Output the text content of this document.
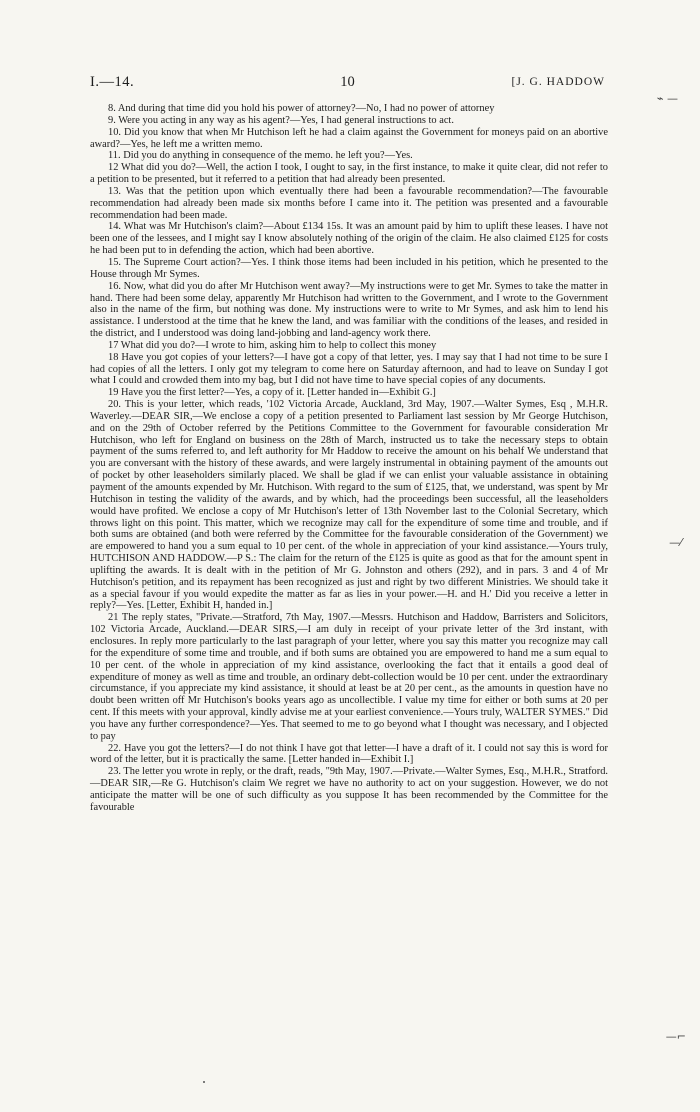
I.—14.	10	[J. G. HADDOW

8. And during that time did you hold his power of attorney?—No, I had no power of attorney

9. Were you acting in any way as his agent?—Yes, I had general instructions to act.

10. Did you know that when Mr Hutchison left he had a claim against the Government for moneys paid on an abortive award?—Yes, he left me a written memo.

11. Did you do anything in consequence of the memo. he left you?—Yes.

12 What did you do?—Well, the action I took, I ought to say, in the first instance, to make it quite clear, did not refer to a petition to be presented, but it referred to a petition that had already been presented.

13. Was that the petition upon which eventually there had been a favourable recommendation?—The favourable recommendation had already been made six months before I came into it. The petition was presented and a favourable recommendation had been made.

14. What was Mr Hutchison's claim?—About £134 15s. It was an amount paid by him to uplift these leases. I have not been one of the lessees, and I might say I know absolutely nothing of the origin of the claim. He also claimed £125 for costs he had been put to in defending the action, which had been abortive.

15. The Supreme Court action?—Yes. I think those items had been included in his petition, which he presented to the House through Mr Symes.

16. Now, what did you do after Mr Hutchison went away?—My instructions were to get Mr. Symes to take the matter in hand. There had been some delay, apparently Mr Hutchison had written to the Government, and I wrote to the Government also in the name of the firm, but nothing was done. My instructions were to write to Mr Symes, and ask him to lend his assistance. I understood at the time that he knew the land, and was familiar with the conditions of the leases, and resided in the district, and I understood was doing land-jobbing and land-agency work there.

17 What did you do?—I wrote to him, asking him to help to collect this money

18 Have you got copies of your letters?—I have got a copy of that letter, yes. I may say that I had not time to be sure I had copies of all the letters. I only got my telegram to come here on Saturday afternoon, and had to leave on Sunday I got what I could and crowded them into my bag, but I did not have time to have special copies of any documents.

19 Have you the first letter?—Yes, a copy of it. [Letter handed in—Exhibit G.]

20. This is your letter, which reads, '102 Victoria Arcade, Auckland, 3rd May, 1907.—Walter Symes, Esq , M.H.R. Waverley.—DEAR SIR,—We enclose a copy of a petition presented to Parliament last session by Mr George Hutchison, and on the 29th of October referred by the Petitions Committee to the Government for favourable consideration Mr Hutchison, who left for England on business on the 28th of March, instructed us to take the necessary steps to obtain payment of the sums referred to, and left authority for Mr Haddow to receive the amount on his behalf We understand that you are conversant with the history of these awards, and were largely instrumental in obtaining payment of the amounts out of pocket by other leaseholders similarly placed. We shall be glad if we can enlist your valuable assistance in obtaining payment of the amounts expended by Mr. Hutchison. With regard to the sum of £125, that, we understand, was spent by Mr Hutchison in testing the validity of the awards, and by which, had the proceedings been successful, all the leaseholders would have profited. We enclose a copy of Mr Hutchison's letter of 13th November last to the Colonial Secretary, which throws light on this point. This matter, which we recognize may call for the expenditure of some time and trouble, and if both sums are obtained (and both were referred by the Committee for the favourable consideration of the Government) we are empowered to hand you a sum equal to 10 per cent. of the whole in appreciation of your kind assistance.—Yours truly, HUTCHISON AND HADDOW.—P S.: The claim for the return of the £125 is quite as good as that for the amount spent in uplifting the awards. It is dealt with in the petition of Mr G. Johnston and others (292), and in pars. 3 and 4 of Mr Hutchison's petition, and its repayment has been recognized as just and right by two different Ministries. We should take it as a special favour if you would expedite the matter as far as lies in your power.—H. and H.' Did you receive a letter in reply?—Yes. [Letter, Exhibit H, handed in.]

21 The reply states, "Private.—Stratford, 7th May, 1907.—Messrs. Hutchison and Haddow, Barristers and Solicitors, 102 Victoria Arcade, Auckland.—DEAR SIRS,—I am duly in receipt of your private letter of the 3rd instant, with enclosures. In reply more particularly to the last paragraph of your letter, where you say this matter you recognize may call for the expenditure of some time and trouble, and if both sums are obtained you are empowered to hand me a sum equal to 10 per cent. of the whole in appreciation of my kind assistance, overlooking the fact that it entails a good deal of expenditure of money as well as time and trouble, an ordinary debt-collection would be 10 per cent. under the extraordinary circumstance, if you appreciate my kind assistance, it should at least be at 20 per cent., as the amounts in question have no doubt been written off Mr Hutchison's books years ago as uncollectible. I value my time for either or both sums at 20 per cent. If this meets with your approval, kindly advise me at your earliest convenience.—Yours truly, WALTER SYMES." Did you have any further correspondence?—Yes. That seemed to me to go beyond what I thought was necessary, and I objected to pay

22. Have you got the letters?—I do not think I have got that letter—I have a draft of it. I could not say this is word for word of the letter, but it is practically the same. [Letter handed in—Exhibit I.]

23. The letter you wrote in reply, or the draft, reads, "9th May, 1907.—Private.—Walter Symes, Esq., M.H.R., Stratford.—DEAR SIR,—Re G. Hutchison's claim We regret we have no authority to act on your suggestion. However, we do not anticipate the matter will be one of such difficulty as you suppose It has been recommended by the Committee for the favourable

⌁ —
—⁄
—⌐
